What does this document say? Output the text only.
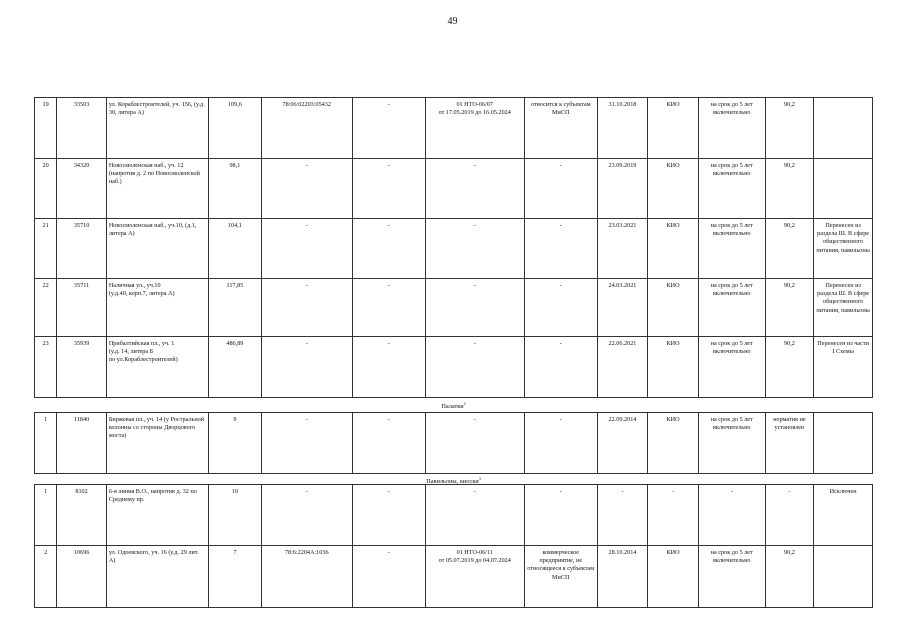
49
19	33503	ул. Кораблестроителей, уч. 156, (у.д. 30, литера А)	109,6	78:06:02203:05432	-	01 НТО-06/07
от 17.05.2019 до 16.05.2024	относится к субъектам МиСП	31.10.2018	КИО	на срок до 5 лет включительно	90,2	
20	34320	Новосмоленская наб., уч. 12 (напротив д. 2 по Новосмоленской наб.)	98,1	-	-	-	-	23.09.2019	КИО	на срок до 5 лет включительно	90,2	
21	35710	Новосмоленская наб., уч.10, (д.1, литера А)	104,1	-	-	-	-	23.03.2021	КИО	на срок до 5 лет включительно	90,2	Перенесен из раздела Ш. В сфере общественного питания, павильоны
22	35711	Наличная ул., уч.10
(у.д.40, корп.7, литера А)	117,85	-	-	-	-	24.03.2021	КИО	на срок до 5 лет включительно	90,2	Перенесен из раздела Ш. В сфере общественного питания, павильоны
23	35939	Прибалтийская пл., уч. 1
(у.д. 14, литера Б
по ул.Кораблестроителей)	486,89	-	-	-	-	22.06.2021	КИО	на срок до 5 лет включительно	90,2	Перенесен из части I Схемы
Палатки$^2$
1	11840	Биржевая пл., уч. 14 (у Ростральной колонны со стороны Дворцового моста)	9	-	-	-	-	22.09.2014	КИО	на срок до 5 лет включительно	норматив не установлен	
Павильоны, киоски$^3$
1	8102	6-я линия В.О., напротив д. 32 по Среднему пр.	10	-	-	-	-	-	-	-	-	Исключен
2	10696	ул. Одоевского, уч. 16 (у.д. 29 лит. А)	7	78:6:2204А:1036	-	01 НТО-06/11
от 05.07.2019 до 04.07.2024	коммерческое предприятие, не относящееся к субъектам МиСП	28.10.2014	КИО	на срок до 5 лет включительно	90,2	
